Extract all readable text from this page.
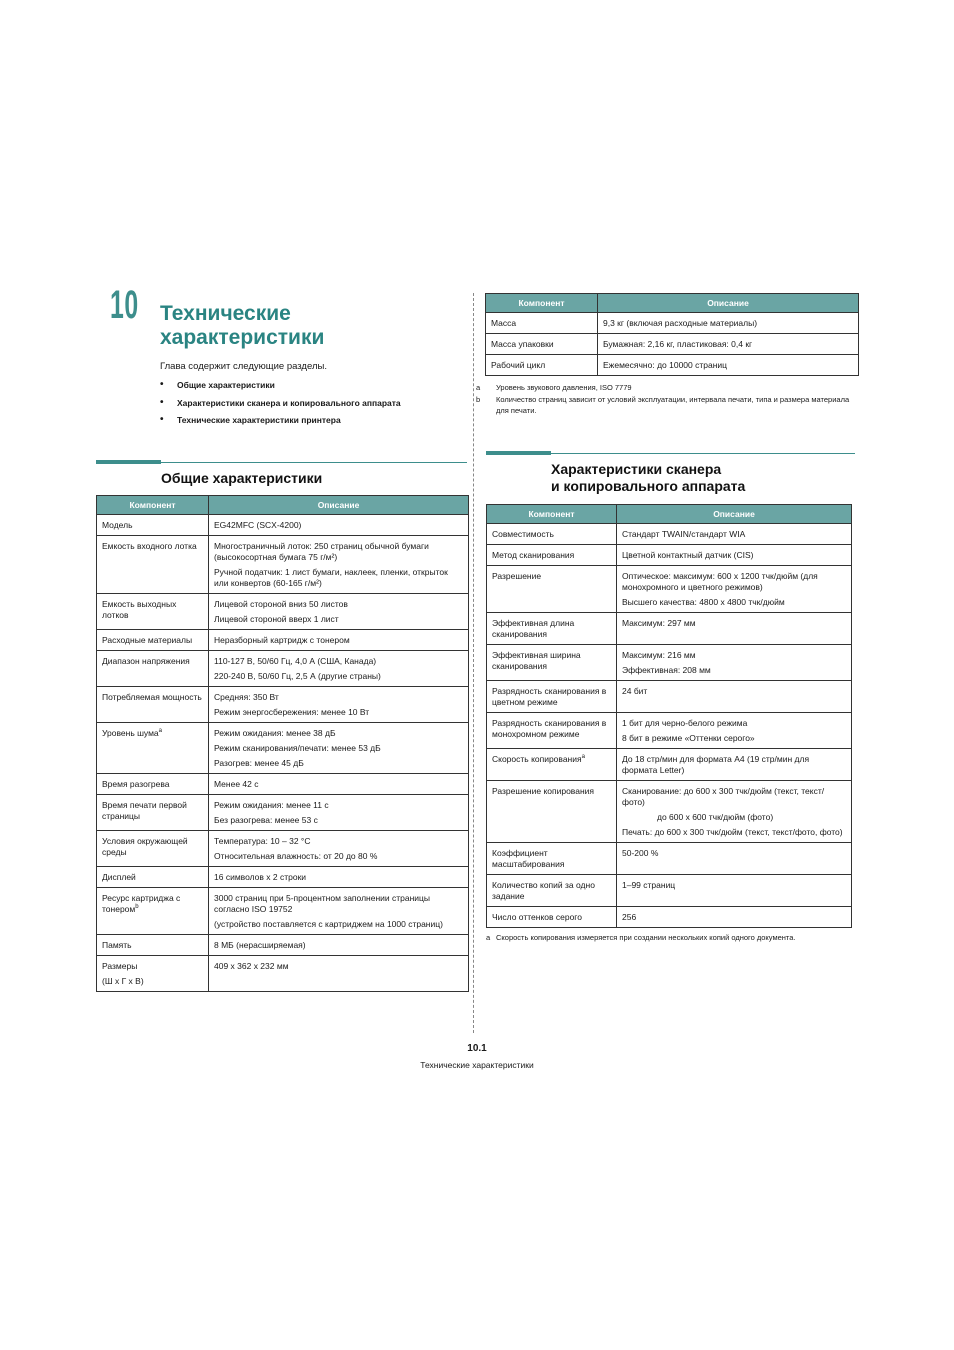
10 Технические
характеристики
Глава содержит следующие разделы.
• Общие характеристики
• Характеристики сканера и копировального аппарата
• Технические характеристики принтера
Общие характеристики
Компонент	Описание
Модель	EG42MFC (SCX-4200)

Емкость входного лотка	Многостраничный лоток: 250 страниц обычной бумаги (высокосортная бумага 75 г/м²)

Ручной податчик: 1 лист бумаги, наклеек, пленки, открыток или конвертов (60-165 г/м²)

Емкость выходных лотков	Лицевой стороной вниз 50 листов

Лицевой стороной вверх 1 лист

Расходные материалы	Неразборный картридж с тонером

Диапазон напряжения	110-127 В, 50/60 Гц, 4,0 А (США, Канада)

220-240 В, 50/60 Гц, 2,5 А (другие страны)

Потребляемая мощность	Средняя: 350 Вт

Режим энергосбережения: менее 10 Вт

Уровень шума$^a$	Режим ожидания: менее 38 дБ

Режим сканирования/печати: менее 53 дБ

Разогрев: менее 45 дБ

Время разогрева	Менее 42 с

Время печати первой страницы	Режим ожидания: менее 11 с

Без разогрева: менее 53 с

Условия окружающей среды	Температура: 10 – 32 °C

Относительная влажность: от 20 до 80 %

Дисплей	16 символов x 2 строки

Ресурс картриджа с тонером$^b$	3000 страниц при 5-процентном заполнении страницы согласно ISO 19752

(устройство поставляется с картриджем на 1000 страниц)

Память	8 МБ (нерасширяемая)

Размеры
(Ш x Г x В)	409 x 362 x 232 мм

Компонент	Описание
Масса	9,3 кг (включая расходные материалы)

Масса упаковки	Бумажная: 2,16 кг, пластиковая: 0,4 кг

Рабочий цикл	Ежемесячно: до 10000 страниц

a Уровень звукового давления, ISO 7779
b Количество страниц зависит от условий эксплуатации, интервала печати, типа и размера материала для печати.
Характеристики сканера
и копировального аппарата
Компонент	Описание
Совместимость	Стандарт TWAIN/стандарт WIA

Метод сканирования	Цветной контактный датчик (CIS)

Разрешение	Оптическое: максимум: 600 x 1200 тчк/дюйм (для монохромного и цветного режимов)

Высшего качества: 4800 x 4800 тчк/дюйм

Эффективная длина сканирования	Максимум: 297 мм

Эффективная ширина сканирования	Максимум: 216 мм

Эффективная: 208 мм

Разрядность сканирования в цветном режиме	24 бит

Разрядность сканирования в монохромном режиме	1 бит для черно-белого режима

8 бит в режиме «Оттенки серого»

Скорость копирования$^a$	До 18 стр/мин для формата A4 (19 стр/мин для формата Letter)

Разрешение копирования	Сканирование: до 600 x 300 тчк/дюйм (текст, текст/фото)

до 600 x 600 тчк/дюйм (фото)

Печать: до 600 x 300 тчк/дюйм (текст, текст/фото, фото)

Коэффициент масштабирования	50-200 %

Количество копий за одно задание	1–99 страниц

Число оттенков серого	256

a Скорость копирования измеряется при создании нескольких копий одного документа.
10.1
Технические характеристики
